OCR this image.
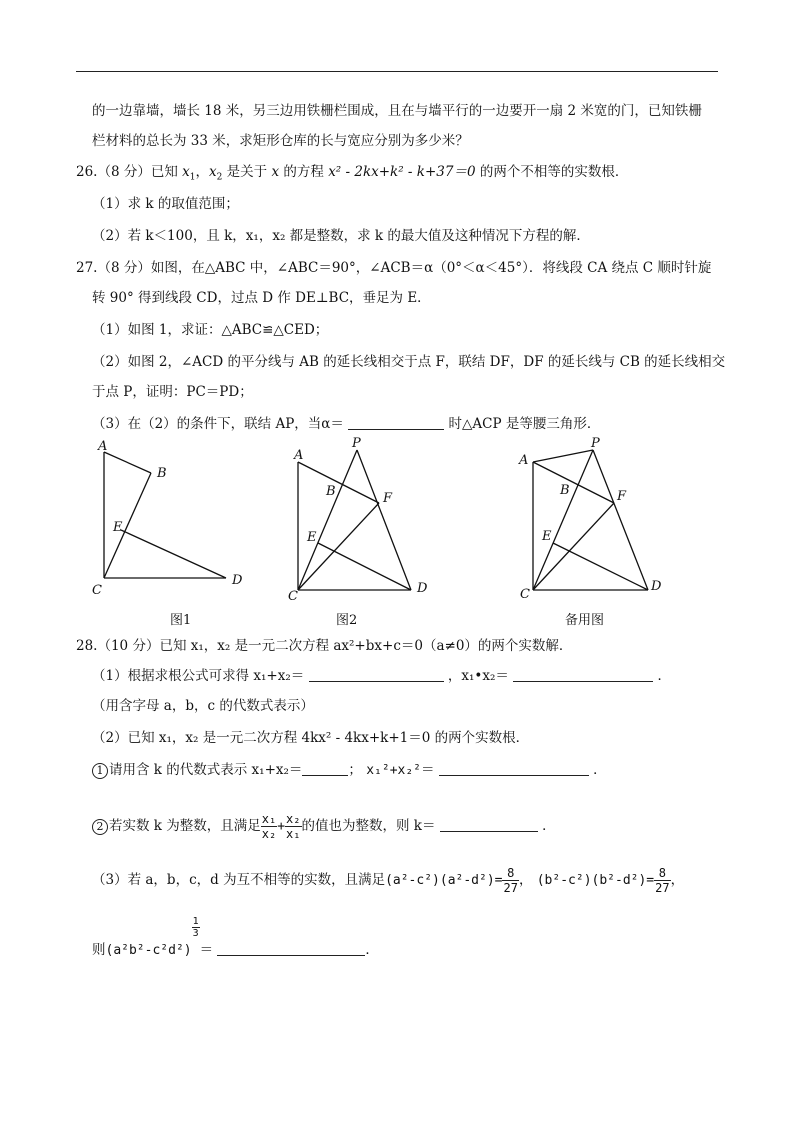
的一边靠墙，墙长 18 米，另三边用铁栅栏围成，且在与墙平行的一边要开一扇 2 米宽的门，已知铁栅
栏材料的总长为 33 米，求矩形仓库的长与宽应分别为多少米？
26.（8 分）已知 $x_1$，$x_2$ 是关于 x 的方程 x² - 2kx+k² - k+37＝0 的两个不相等的实数根．
（1）求 k 的取值范围；
（2）若 k＜100，且 k，x₁，x₂ 都是整数，求 k 的最大值及这种情况下方程的解．
27.（8 分）如图，在△ABC 中，∠ABC＝90°，∠ACB＝α（0°＜α＜45°）．将线段 CA 绕点 C 顺时针旋
转 90° 得到线段 CD，过点 D 作 DE⊥BC，垂足为 E．
（1）如图 1，求证：△ABC≌△CED；
（2）如图 2，∠ACD 的平分线与 AB 的延长线相交于点 F，联结 DF，DF 的延长线与 CB 的延长线相交
于点 P，证明：PC＝PD；
（3）在（2）的条件下，联结 AP，当α＝	时△ACP 是等腰三角形．
A
B
E
C
D
A
P
B	F
E
C
D
A
P
B	F
E
C
D
图1	图2	备用图
28.（10 分）已知 x₁，x₂ 是一元二次方程 ax²+bx+c＝0（a≠0）的两个实数解．
（1）根据求根公式可求得 x₁+x₂＝	，x₁•x₂＝	．
（用含字母 a，b，c 的代数式表示）
（2）已知 x₁，x₂ 是一元二次方程 4kx² - 4kx+k+1＝0 的两个实数根．
1 请用含 k 的代数式表示 x₁+x₂＝	； x₁²+x₂²＝	．
2 若实数 k 为整数，且满足 $\frac{\text{x₁}}{\text{x₂}} + \frac{\text{x₂}}{\text{x₁}}$ 的值也为整数，则 k＝	．
（3）若 a，b，c，d 为互不相等的实数，且满足$(a^2-c^2)(a^2-d^2)= \frac{8}{27}$ ， $(b^2-c^2)(b^2-d^2)= \frac{8}{27}$ ，
则(a²b²-c²d²)
$\frac{1}{3}$
＝	．
